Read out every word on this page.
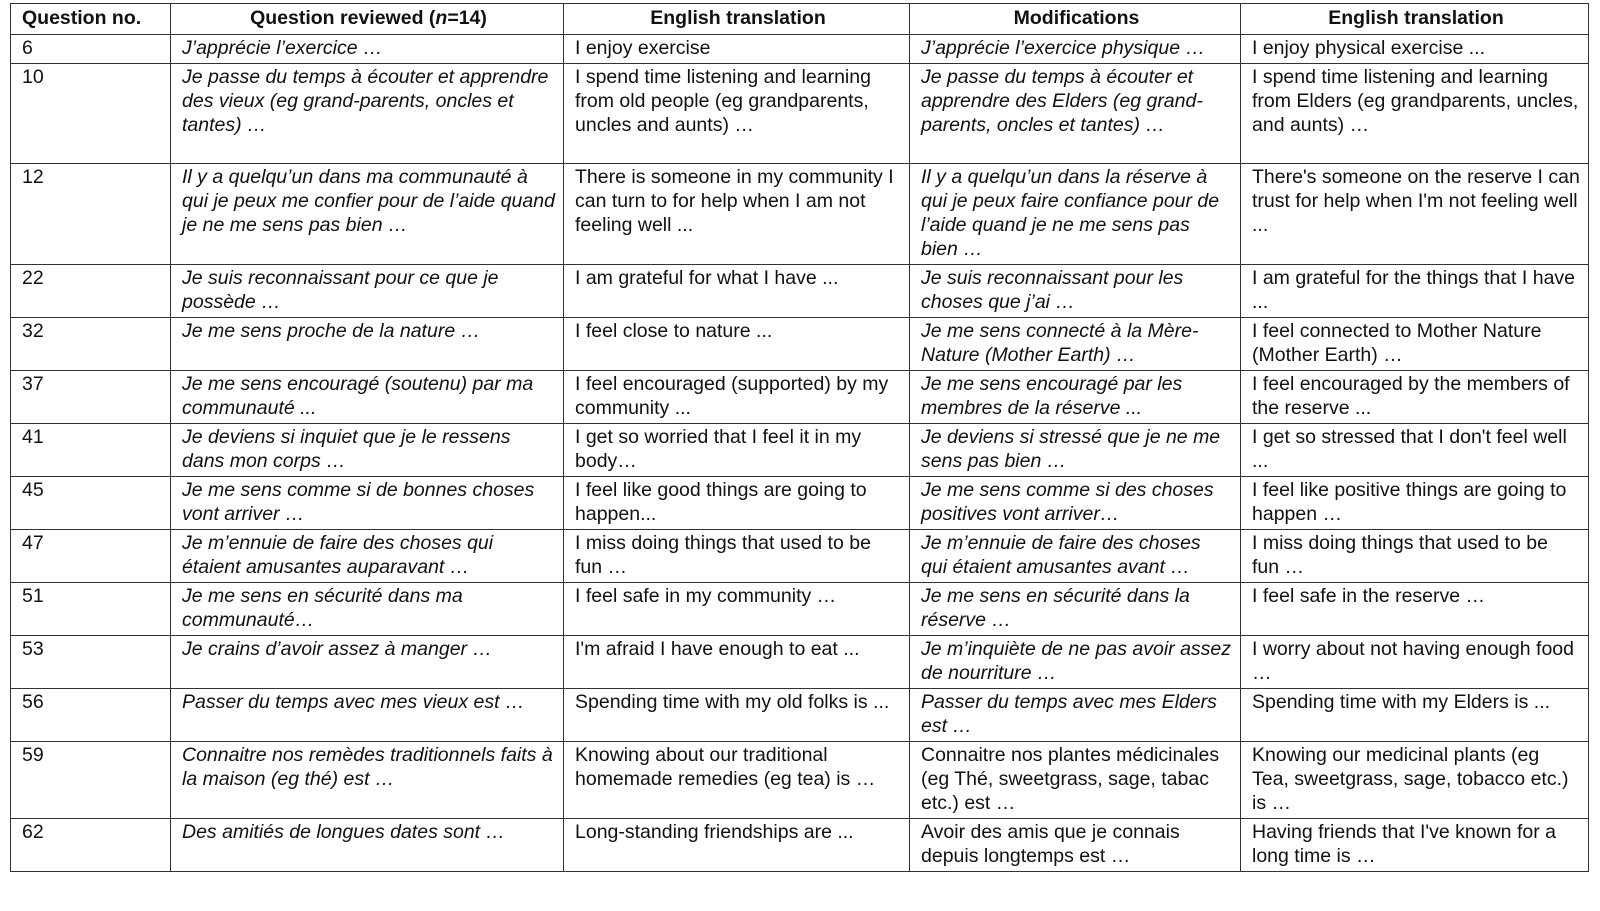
Question no.	Question reviewed (n=14)	English translation	Modifications	English translation
6	J’apprécie l’exercice …	I enjoy exercise	J’apprécie l’exercice physique …	I enjoy physical exercise ...
10	Je passe du temps à écouter et apprendre des vieux (eg grand-parents, oncles et tantes) …	I spend time listening and learning from old people (eg grandparents, uncles and aunts) …	Je passe du temps à écouter et apprendre des Elders (eg grand-parents, oncles et tantes) …	I spend time listening and learning from Elders (eg grandparents, uncles, and aunts) …
12	Il y a quelqu’un dans ma communauté à qui je peux me confier pour de l’aide quand je ne me sens pas bien …	There is someone in my community I can turn to for help when I am not feeling well ...	Il y a quelqu’un dans la réserve à qui je peux faire confiance pour de l’aide quand je ne me sens pas bien …	There's someone on the reserve I can trust for help when I'm not feeling well ...
22	Je suis reconnaissant pour ce que je possède …	I am grateful for what I have ...	Je suis reconnaissant pour les choses que j’ai …	I am grateful for the things that I have ...
32	Je me sens proche de la nature …	I feel close to nature ...	Je me sens connecté à la Mère-Nature (Mother Earth) …	I feel connected to Mother Nature (Mother Earth) …
37	Je me sens encouragé (soutenu) par ma communauté ...	I feel encouraged (supported) by my community ...	Je me sens encouragé par les membres de la réserve ...	I feel encouraged by the members of the reserve ...
41	Je deviens si inquiet que je le ressens dans mon corps …	I get so worried that I feel it in my body…	Je deviens si stressé que je ne me sens pas bien …	I get so stressed that I don't feel well ...
45	Je me sens comme si de bonnes choses vont arriver …	I feel like good things are going to happen...	Je me sens comme si des choses positives vont arriver…	I feel like positive things are going to happen …
47	Je m’ennuie de faire des choses qui étaient amusantes auparavant …	I miss doing things that used to be fun …	Je m’ennuie de faire des choses qui étaient amusantes avant …	I miss doing things that used to be fun …
51	Je me sens en sécurité dans ma communauté…	I feel safe in my community …	Je me sens en sécurité dans la réserve …	I feel safe in the reserve …
53	Je crains d’avoir assez à manger …	I'm afraid I have enough to eat ...	Je m’inquiète de ne pas avoir assez de nourriture …	I worry about not having enough food …
56	Passer du temps avec mes vieux est …	Spending time with my old folks is ...	Passer du temps avec mes Elders est …	Spending time with my Elders is ...
59	Connaitre nos remèdes traditionnels faits à la maison (eg thé) est …	Knowing about our traditional homemade remedies (eg tea) is …	Connaitre nos plantes médicinales (eg Thé, sweetgrass, sage, tabac etc.) est …	Knowing our medicinal plants (eg Tea, sweetgrass, sage, tobacco etc.) is …
62	Des amitiés de longues dates sont …	Long-standing friendships are ...	Avoir des amis que je connais depuis longtemps est …	Having friends that I've known for a long time is …
